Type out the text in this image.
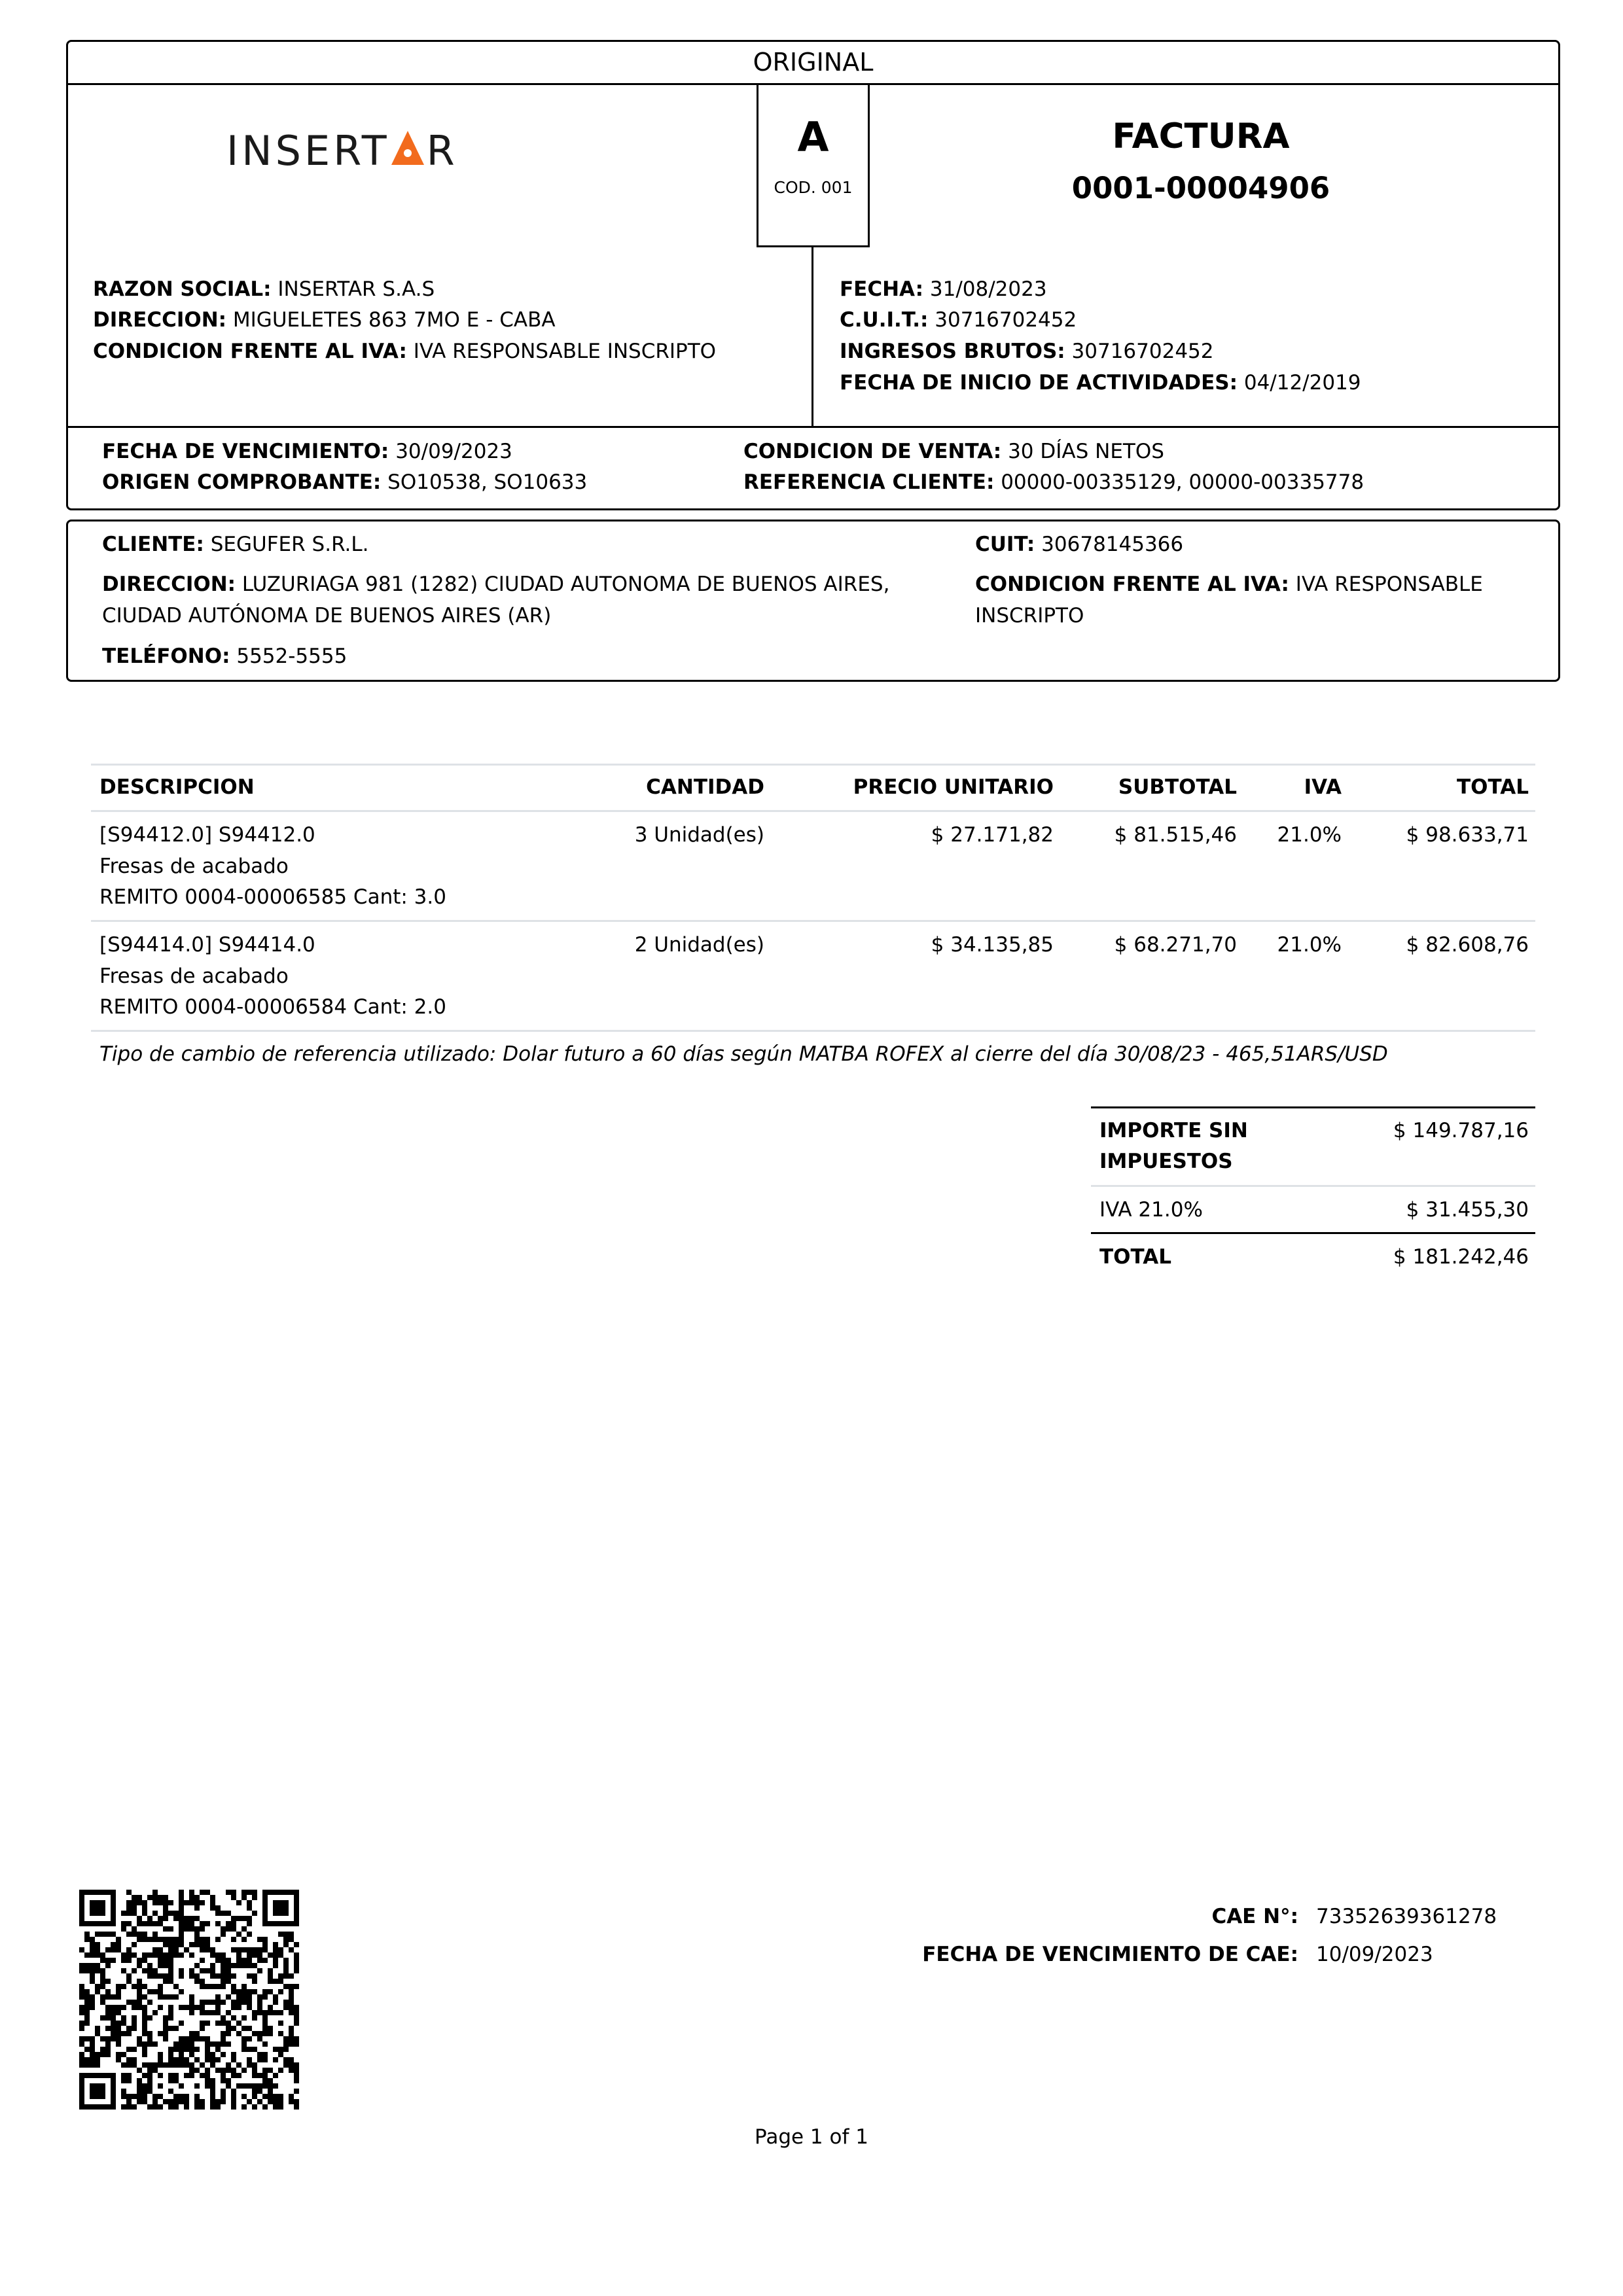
ORIGINAL
INSERT R	A
COD. 001
FACTURA
0001-00004906
RAZON SOCIAL: INSERTAR S.A.S
DIRECCION: MIGUELETES 863 7MO E - CABA
CONDICION FRENTE AL IVA: IVA RESPONSABLE INSCRIPTO
FECHA: 31/08/2023
C.U.I.T.: 30716702452
INGRESOS BRUTOS: 30716702452
FECHA DE INICIO DE ACTIVIDADES: 04/12/2019
FECHA DE VENCIMIENTO: 30/09/2023
ORIGEN COMPROBANTE: SO10538, SO10633
CONDICION DE VENTA: 30 DÍAS NETOS
REFERENCIA CLIENTE: 00000-00335129, 00000-00335778
CLIENTE: SEGUFER S.R.L.
DIRECCION: LUZURIAGA 981 (1282) CIUDAD AUTONOMA DE BUENOS AIRES,
CIUDAD AUTÓNOMA DE BUENOS AIRES (AR)
TELÉFONO: 5552-5555
CUIT: 30678145366
CONDICION FRENTE AL IVA: IVA RESPONSABLE
INSCRIPTO
DESCRIPCION	CANTIDAD	PRECIO UNITARIO	SUBTOTAL	IVA	TOTAL
[S94412.0] S94412.0
Fresas de acabado
REMITO 0004-00006585 Cant: 3.0
3 Unidad(es)	$ 27.171,82	$ 81.515,46 21.0%	$ 98.633,71
[S94414.0] S94414.0
Fresas de acabado
REMITO 0004-00006584 Cant: 2.0
2 Unidad(es)	$ 34.135,85	$ 68.271,70 21.0%	$ 82.608,76
Tipo de cambio de referencia utilizado: Dolar futuro a 60 días según MATBA ROFEX al cierre del día 30/08/23 - 465,51ARS/USD
IMPORTE SIN
IMPUESTOS
$ 149.787,16
IVA 21.0%	$ 31.455,30
TOTAL	$ 181.242,46
CAE N°: 73352639361278
FECHA DE VENCIMIENTO DE CAE: 10/09/2023
Page 1 of 1
